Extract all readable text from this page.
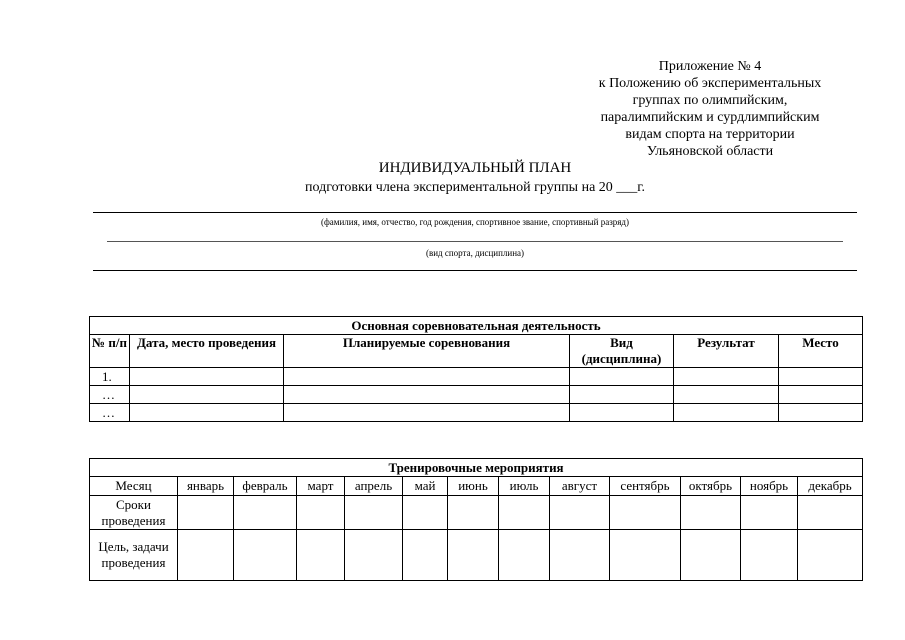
Приложение № 4
к Положению об экспериментальных
группах по олимпийским,
паралимпийским и сурдлимпийским
видам спорта на территории
Ульяновской области
ИНДИВИДУАЛЬНЫЙ ПЛАН
подготовки члена экспериментальной группы на 20 ___г.
(фамилия, имя, отчество, год рождения, спортивное звание, спортивный разряд)
(вид спорта, дисциплина)
Основная соревновательная деятельность					
№ п/п	Дата, место проведения	Планируемые соревнования	Вид (дисциплина)	Результат	Место
1.					
…					
…					
Тренировочные мероприятия												
Месяц	январь	февраль	март	апрель	май	июнь	июль	август	сентябрь	октябрь	ноябрь	декабрь
Сроки проведения												
Цель, задачи проведения												
